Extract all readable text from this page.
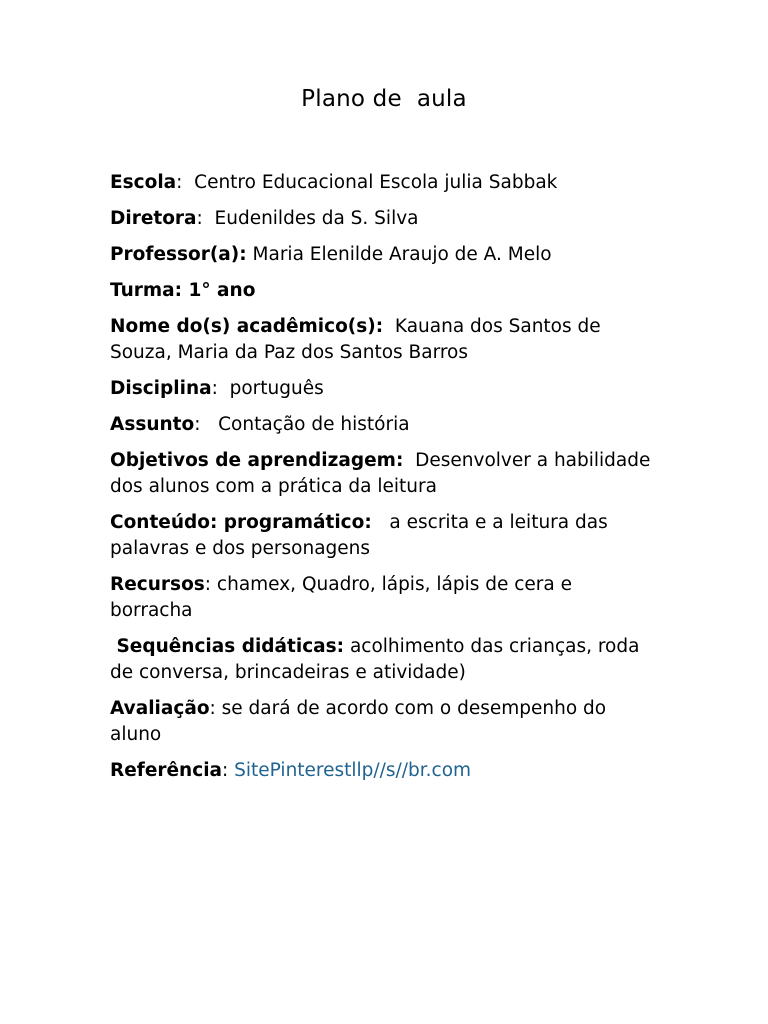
Plano de  aula
Escola:  Centro Educacional Escola julia Sabbak
Diretora:  Eudenildes da S. Silva
Professor(a): Maria Elenilde Araujo de A. Melo
Turma: 1° ano
Nome do(s) acadêmico(s): Kauana dos Santos de Souza, Maria da Paz dos Santos Barros
Disciplina:  português
Assunto:   Contação de história
Objetivos de aprendizagem: Desenvolver a habilidade dos alunos com a prática da leitura
Conteúdo: programático: a escrita e a leitura das palavras e dos personagens
Recursos: chamex, Quadro, lápis, lápis de cera e borracha
Sequências didáticas: acolhimento das crianças, roda de conversa, brincadeiras e atividade)
Avaliação: se dará de acordo com o desempenho do aluno
Referência: SitePinterestllp//s//br.com
